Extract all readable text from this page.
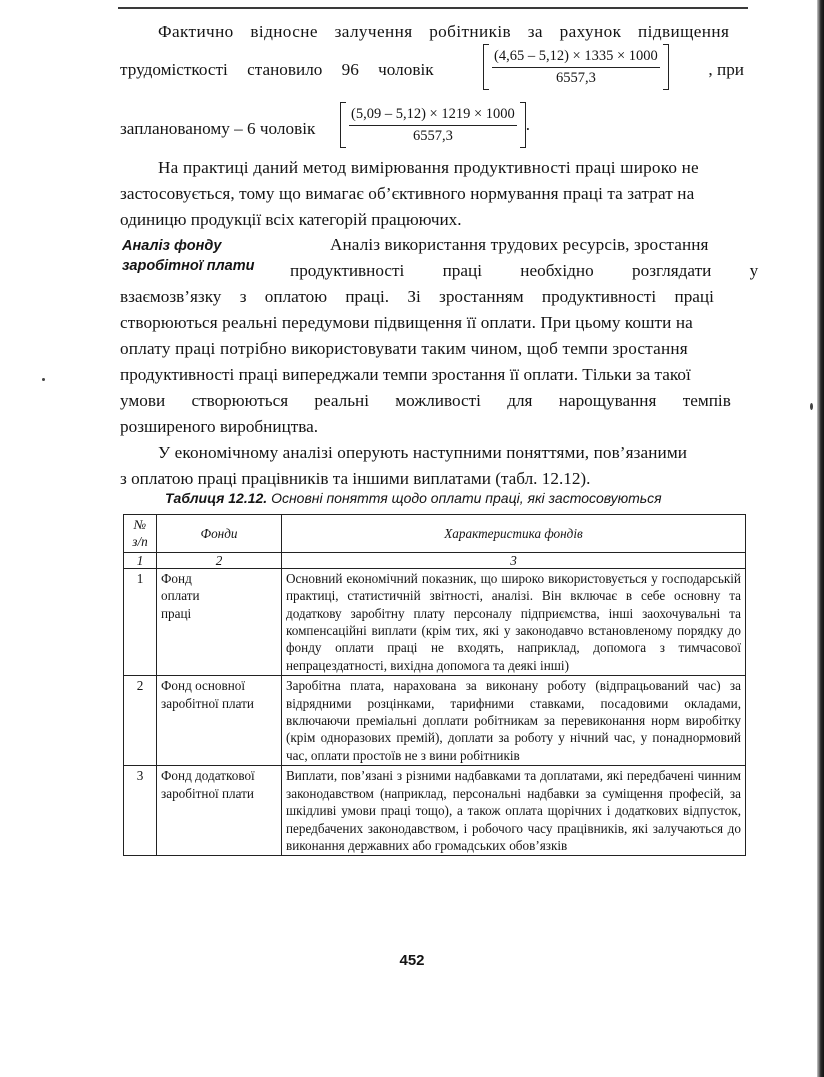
Фактично відносне залучення робітників за рахунок підвищення
трудомісткості становило 96 чоловік	$\frac{(4,65 - 5,12) \times 1335 \times 1000}{6557,3}$	, при
запланованому – 6 чоловік	$\frac{(5,09 - 5,12) \times 1219 \times 1000}{6557,3}$ .
На практиці даний метод вимірювання продуктивності праці широко не
застосовується, тому що вимагає об’єктивного нормування праці та затрат на
одиницю продукції всіх категорій працюючих.
Аналіз використання трудових ресурсів, зростання
продуктивності праці необхідно розглядати у
взаємозв’язку з оплатою праці. Зі зростанням продуктивності праці
створюються реальні передумови підвищення її оплати. При цьому кошти на
оплату праці потрібно використовувати таким чином, щоб темпи зростання
продуктивності праці випереджали темпи зростання її оплати. Тільки за такої
умови створюються реальні можливості для нарощування темпів
розширеного виробництва.
У економічному аналізі оперують наступними поняттями, пов’язаними
з оплатою праці працівників та іншими виплатами (табл. 12.12).
Аналіз фонду
заробітної плати
Таблиця 12.12. Основні поняття щодо оплати праці, які застосовуються
№
з/п	Фонди	Характеристика фондів
1	2	3
1	Фонд оплати праці	Основний економічний показник, що широко використовується у господарській практиці, статистичній звітності, аналізі. Він включає в себе основну та додаткову заробітну плату персоналу підприємства, інші заохочувальні та компенсаційні виплати (крім тих, які у законодавчо встановленому порядку до фонду оплати праці не входять, наприклад, допомога з тимчасової непрацездатності, вихідна допомога та деякі інші)
2	Фонд основної заробітної плати	Заробітна плата, нарахована за виконану роботу (відпрацьований час) за відрядними розцінками, тарифними ставками, посадовими окладами, включаючи преміальні доплати робітникам за перевиконання норм виробітку (крім одноразових премій), доплати за роботу у нічний час, у понаднормовий час, оплати простоїв не з вини робітників
3	Фонд додаткової заробітної плати	Виплати, пов’язані з різними надбавками та доплатами, які передбачені чинним законодавством (наприклад, персональні надбавки за суміщення професій, за шкідливі умови праці тощо), а також оплата щорічних і додаткових відпусток, передбачених законодавством, і робочого часу працівників, які залучаються до виконання державних або громадських обов’язків
452
